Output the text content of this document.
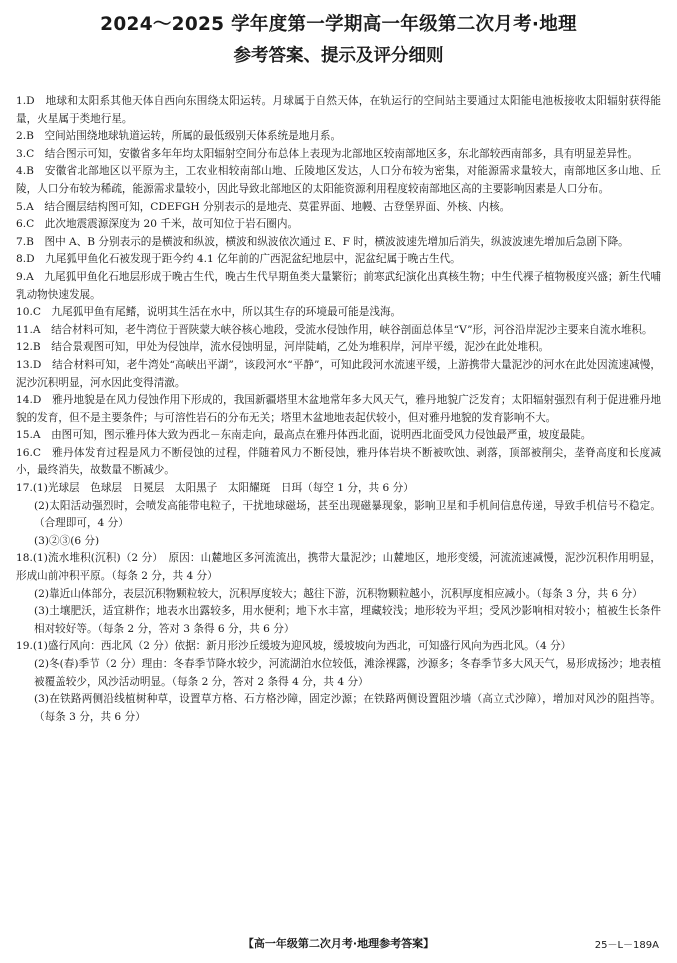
2024～2025 学年度第一学期高一年级第二次月考·地理
参考答案、提示及评分细则

1.D　地球和太阳系其他天体自西向东围绕太阳运转。月球属于自然天体，在轨运行的空间站主要通过太阳能电池板接收太阳辐射获得能量，火星属于类地行星。

2.B　空间站围绕地球轨道运转，所属的最低级别天体系统是地月系。

3.C　结合图示可知，安徽省多年年均太阳辐射空间分布总体上表现为北部地区较南部地区多，东北部较西南部多，具有明显差异性。

4.B　安徽省北部地区以平原为主，工农业相较南部山地、丘陵地区发达，人口分布较为密集，对能源需求量较大，南部地区多山地、丘陵，人口分布较为稀疏，能源需求量较小，因此导致北部地区的太阳能资源利用程度较南部地区高的主要影响因素是人口分布。

5.A　结合圈层结构图可知，CDEFGH 分别表示的是地壳、莫霍界面、地幔、古登堡界面、外核、内核。

6.C　此次地震震源深度为 20 千米，故可知位于岩石圈内。

7.B　图中 A、B 分别表示的是横波和纵波，横波和纵波依次通过 E、F 时，横波波速先增加后消失，纵波波速先增加后急剧下降。

8.D　九尾狐甲鱼化石被发现于距今约 4.1 亿年前的广西泥盆纪地层中，泥盆纪属于晚古生代。

9.A　九尾狐甲鱼化石地层形成于晚古生代，晚古生代早期鱼类大量繁衍；前寒武纪演化出真核生物；中生代裸子植物极度兴盛；新生代哺乳动物快速发展。

10.C　九尾狐甲鱼有尾鳍，说明其生活在水中，所以其生存的环境最可能是浅海。

11.A　结合材料可知，老牛湾位于晋陕蒙大峡谷核心地段，受流水侵蚀作用，峡谷剖面总体呈“V”形，河谷沿岸泥沙主要来自流水堆积。

12.B　结合景观图可知，甲处为侵蚀岸，流水侵蚀明显，河岸陡峭，乙处为堆积岸，河岸平缓，泥沙在此处堆积。

13.D　结合材料可知，老牛湾处“高峡出平湖”，该段河水“平静”，可知此段河水流速平缓，上游携带大量泥沙的河水在此处因流速减慢，泥沙沉积明显，河水因此变得清澈。

14.D　雅丹地貌是在风力侵蚀作用下形成的，我国新疆塔里木盆地常年多大风天气，雅丹地貌广泛发育；太阳辐射强烈有利于促进雅丹地貌的发育，但不是主要条件；与可溶性岩石的分布无关；塔里木盆地地表起伏较小，但对雅丹地貌的发育影响不大。

15.A　由图可知，图示雅丹体大致为西北－东南走向，最高点在雅丹体西北面，说明西北面受风力侵蚀最严重，坡度最陡。

16.C　雅丹体发育过程是风力不断侵蚀的过程，伴随着风力不断侵蚀，雅丹体岩块不断被吹蚀、剥落，顶部被削尖，垄脊高度和长度减小，最终消失，故数量不断减少。

17.(1)光球层　色球层　日冕层　太阳黑子　太阳耀斑　日珥（每空 1 分，共 6 分）

(2)太阳活动强烈时，会喷发高能带电粒子，干扰地球磁场，甚至出现磁暴现象，影响卫星和手机间信息传递，导致手机信号不稳定。（合理即可，4 分）

(3)②③(6 分)

18.(1)流水堆积(沉积)（2 分）　原因：山麓地区多河流流出，携带大量泥沙；山麓地区，地形变缓，河流流速减慢，泥沙沉积作用明显，形成山前冲积平原。（每条 2 分，共 4 分）

(2)靠近山体部分，表层沉积物颗粒较大，沉积厚度较大；越往下游，沉积物颗粒越小，沉积厚度相应减小。（每条 3 分，共 6 分）

(3)土壤肥沃，适宜耕作；地表水出露较多，用水便利；地下水丰富，埋藏较浅；地形较为平坦；受风沙影响相对较小；植被生长条件相对较好等。（每条 2 分，答对 3 条得 6 分，共 6 分）

19.(1)盛行风向：西北风（2 分）依据：新月形沙丘缓坡为迎风坡，缓坡坡向为西北，可知盛行风向为西北风。（4 分）

(2)冬(春)季节（2 分）理由：冬春季节降水较少，河流湖泊水位较低，滩涂裸露，沙源多；冬春季节多大风天气，易形成扬沙；地表植被覆盖较少，风沙活动明显。（每条 2 分，答对 2 条得 4 分，共 4 分）

(3)在铁路两侧沿线植树种草，设置草方格、石方格沙障，固定沙源；在铁路两侧设置阻沙墙（高立式沙障），增加对风沙的阻挡等。（每条 3 分，共 6 分）

【高一年级第二次月考·地理参考答案】	25－L－189A
